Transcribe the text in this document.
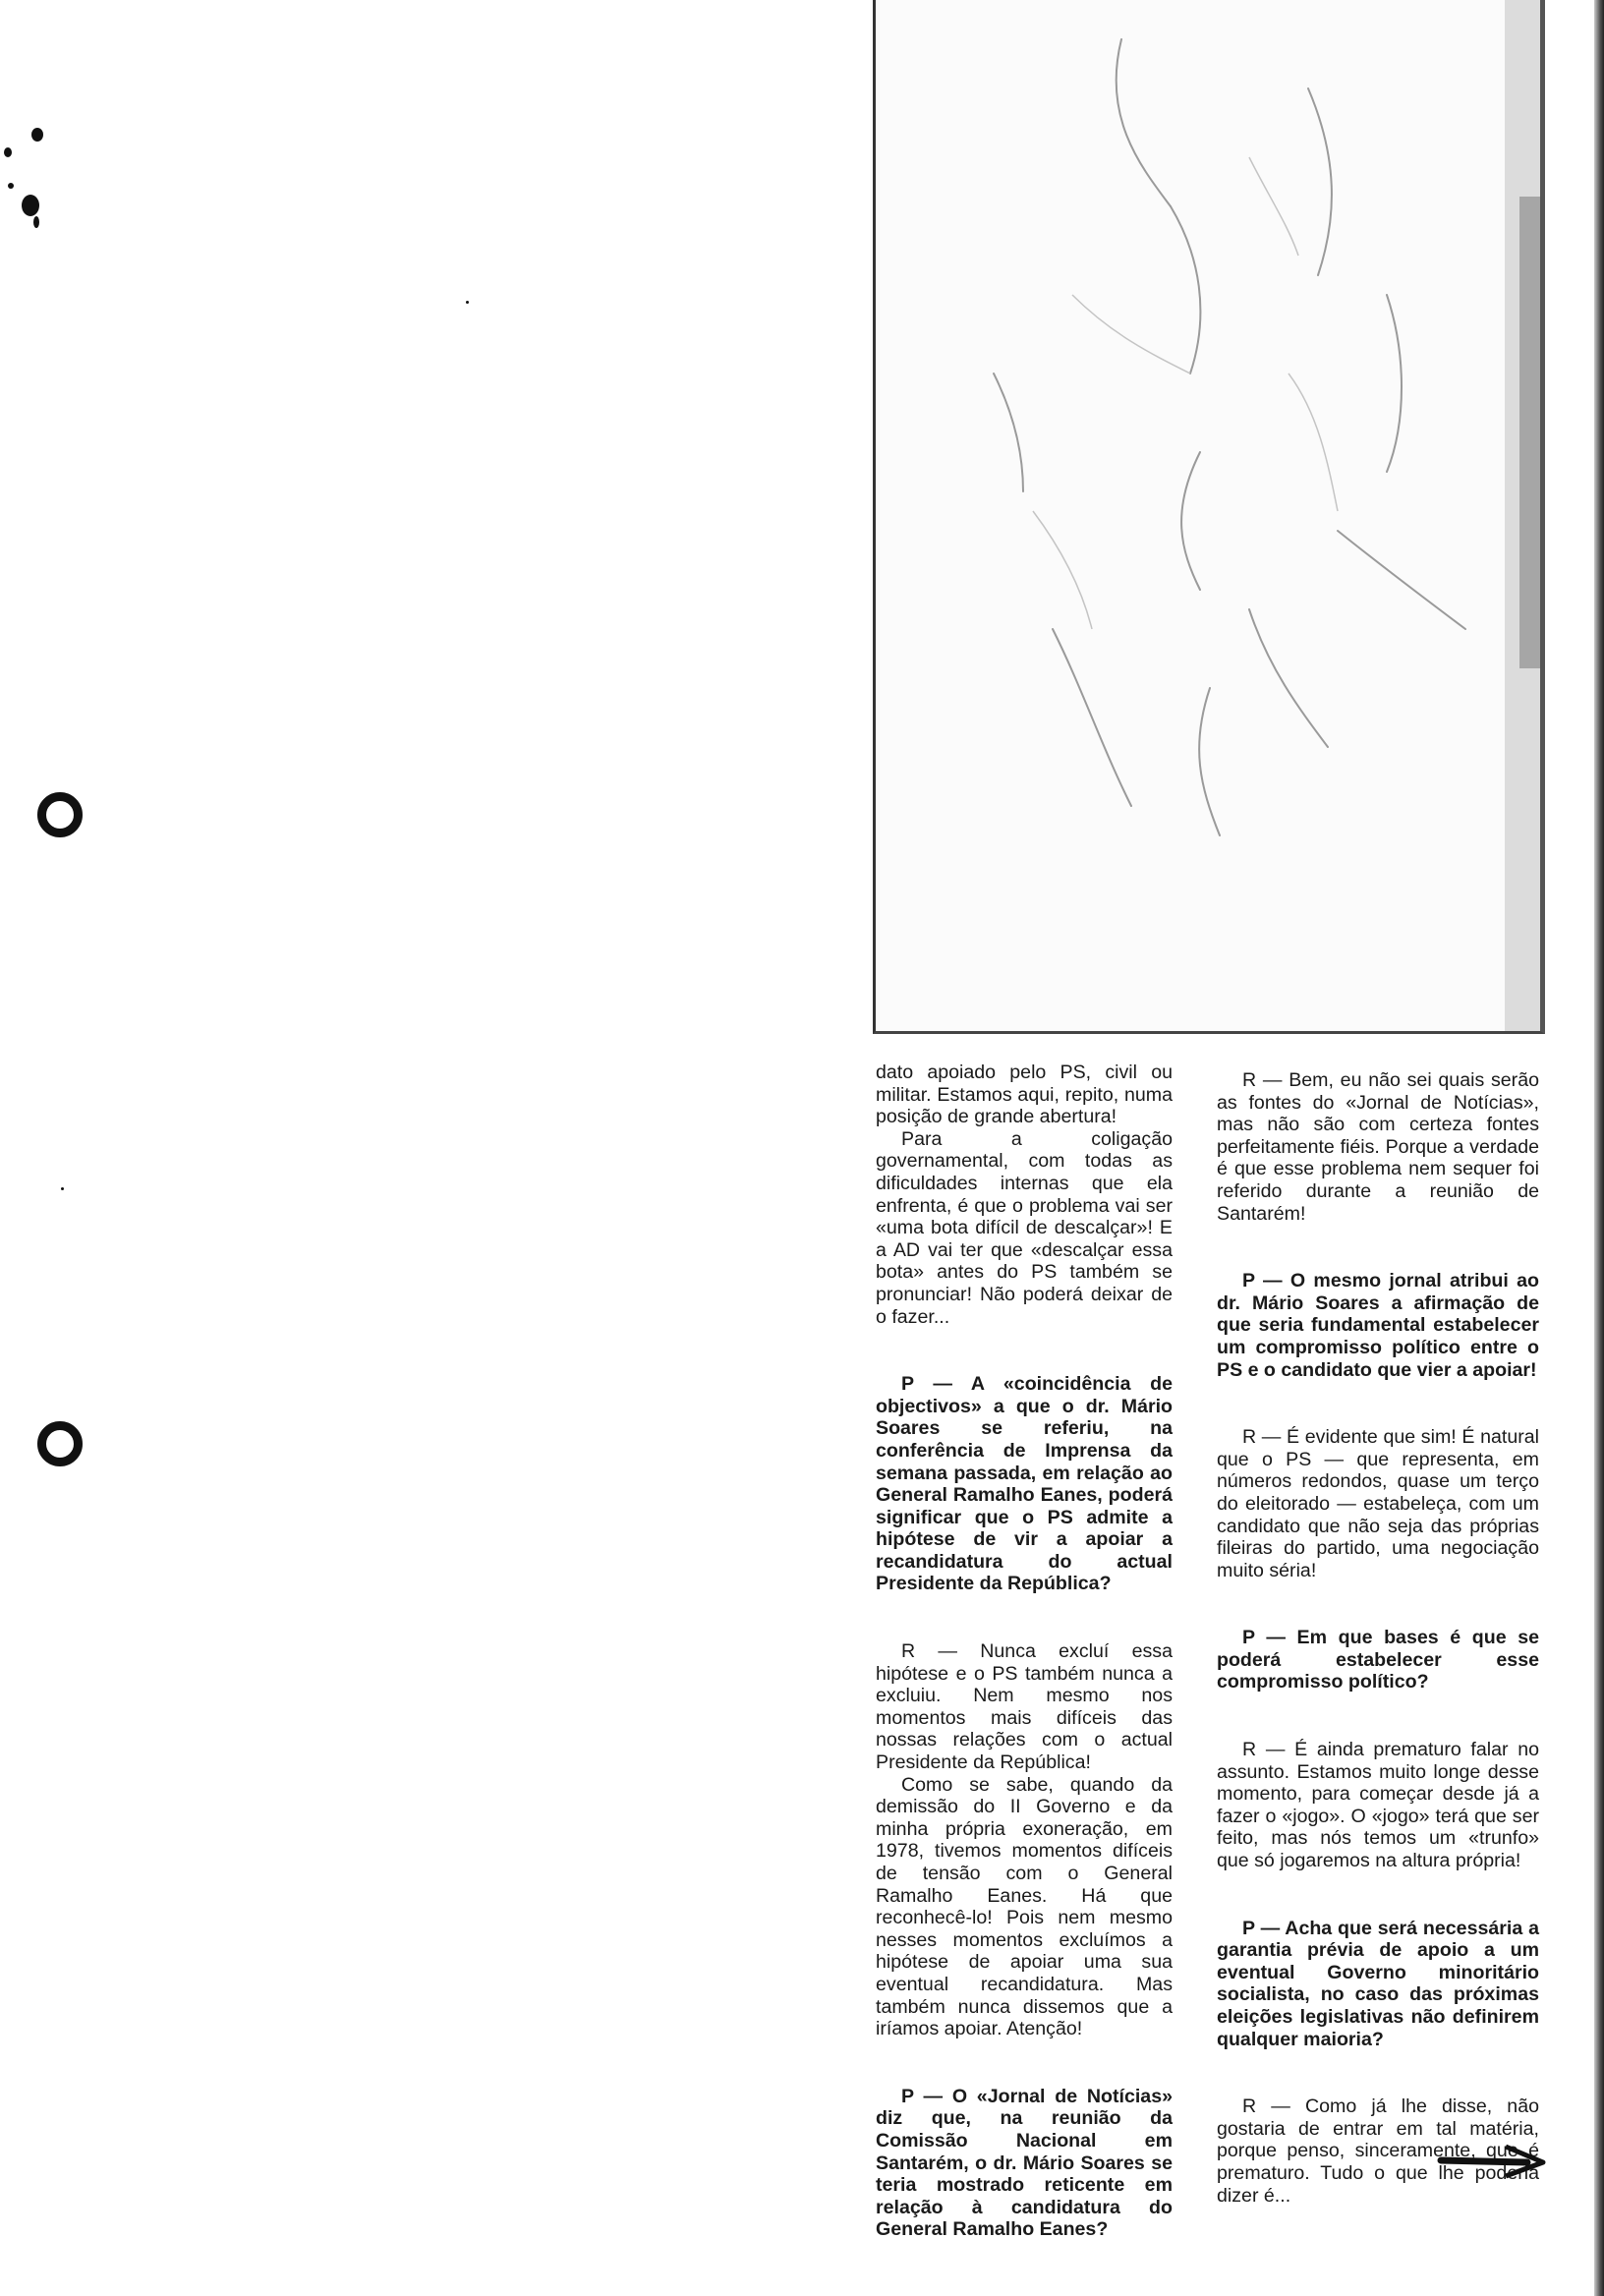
dato apoiado pelo PS, civil ou militar. Estamos aqui, repito, numa posição de grande abertura!

Para a coligação governamental, com todas as dificuldades internas que ela enfrenta, é que o problema vai ser «uma bota difícil de descalçar»! E a AD vai ter que «descalçar essa bota» antes do PS também se pronunciar! Não poderá deixar de o fazer...

P — A «coincidência de objectivos» a que o dr. Mário Soares se referiu, na conferência de Imprensa da semana passada, em relação ao General Ramalho Eanes, poderá significar que o PS admite a hipótese de vir a apoiar a recandidatura do actual Presidente da República?

R — Nunca excluí essa hipótese e o PS também nunca a excluiu. Nem mesmo nos momentos mais difíceis das nossas relações com o actual Presidente da República!

Como se sabe, quando da demissão do II Governo e da minha própria exoneração, em 1978, tivemos momentos difíceis de tensão com o General Ramalho Eanes. Há que reconhecê-lo! Pois nem mesmo nesses momentos excluímos a hipótese de apoiar uma sua eventual recandidatura. Mas também nunca dissemos que a iríamos apoiar. Atenção!

P — O «Jornal de Notícias» diz que, na reunião da Comissão Nacional em Santarém, o dr. Mário Soares se teria mostrado reticente em relação à candidatura do General Ramalho Eanes?

R — Bem, eu não sei quais serão as fontes do «Jornal de Notícias», mas não são com certeza fontes perfeitamente fiéis. Porque a verdade é que esse problema nem sequer foi referido durante a reunião de Santarém!

P — O mesmo jornal atribui ao dr. Mário Soares a afirmação de que seria fundamental estabelecer um compromisso político entre o PS e o candidato que vier a apoiar!

R — É evidente que sim! É natural que o PS — que representa, em números redondos, quase um terço do eleitorado — estabeleça, com um candidato que não seja das próprias fileiras do partido, uma negociação muito séria!

P — Em que bases é que se poderá estabelecer esse compromisso político?

R — É ainda prematuro falar no assunto. Estamos muito longe desse momento, para começar desde já a fazer o «jogo». O «jogo» terá que ser feito, mas nós temos um «trunfo» que só jogaremos na altura própria!

P — Acha que será necessária a garantia prévia de apoio a um eventual Governo minoritário socialista, no caso das próximas eleições legislativas não definirem qualquer maioria?

R — Como já lhe disse, não gostaria de entrar em tal matéria, porque penso, sinceramente, que é prematuro. Tudo o que lhe poderia dizer é...
